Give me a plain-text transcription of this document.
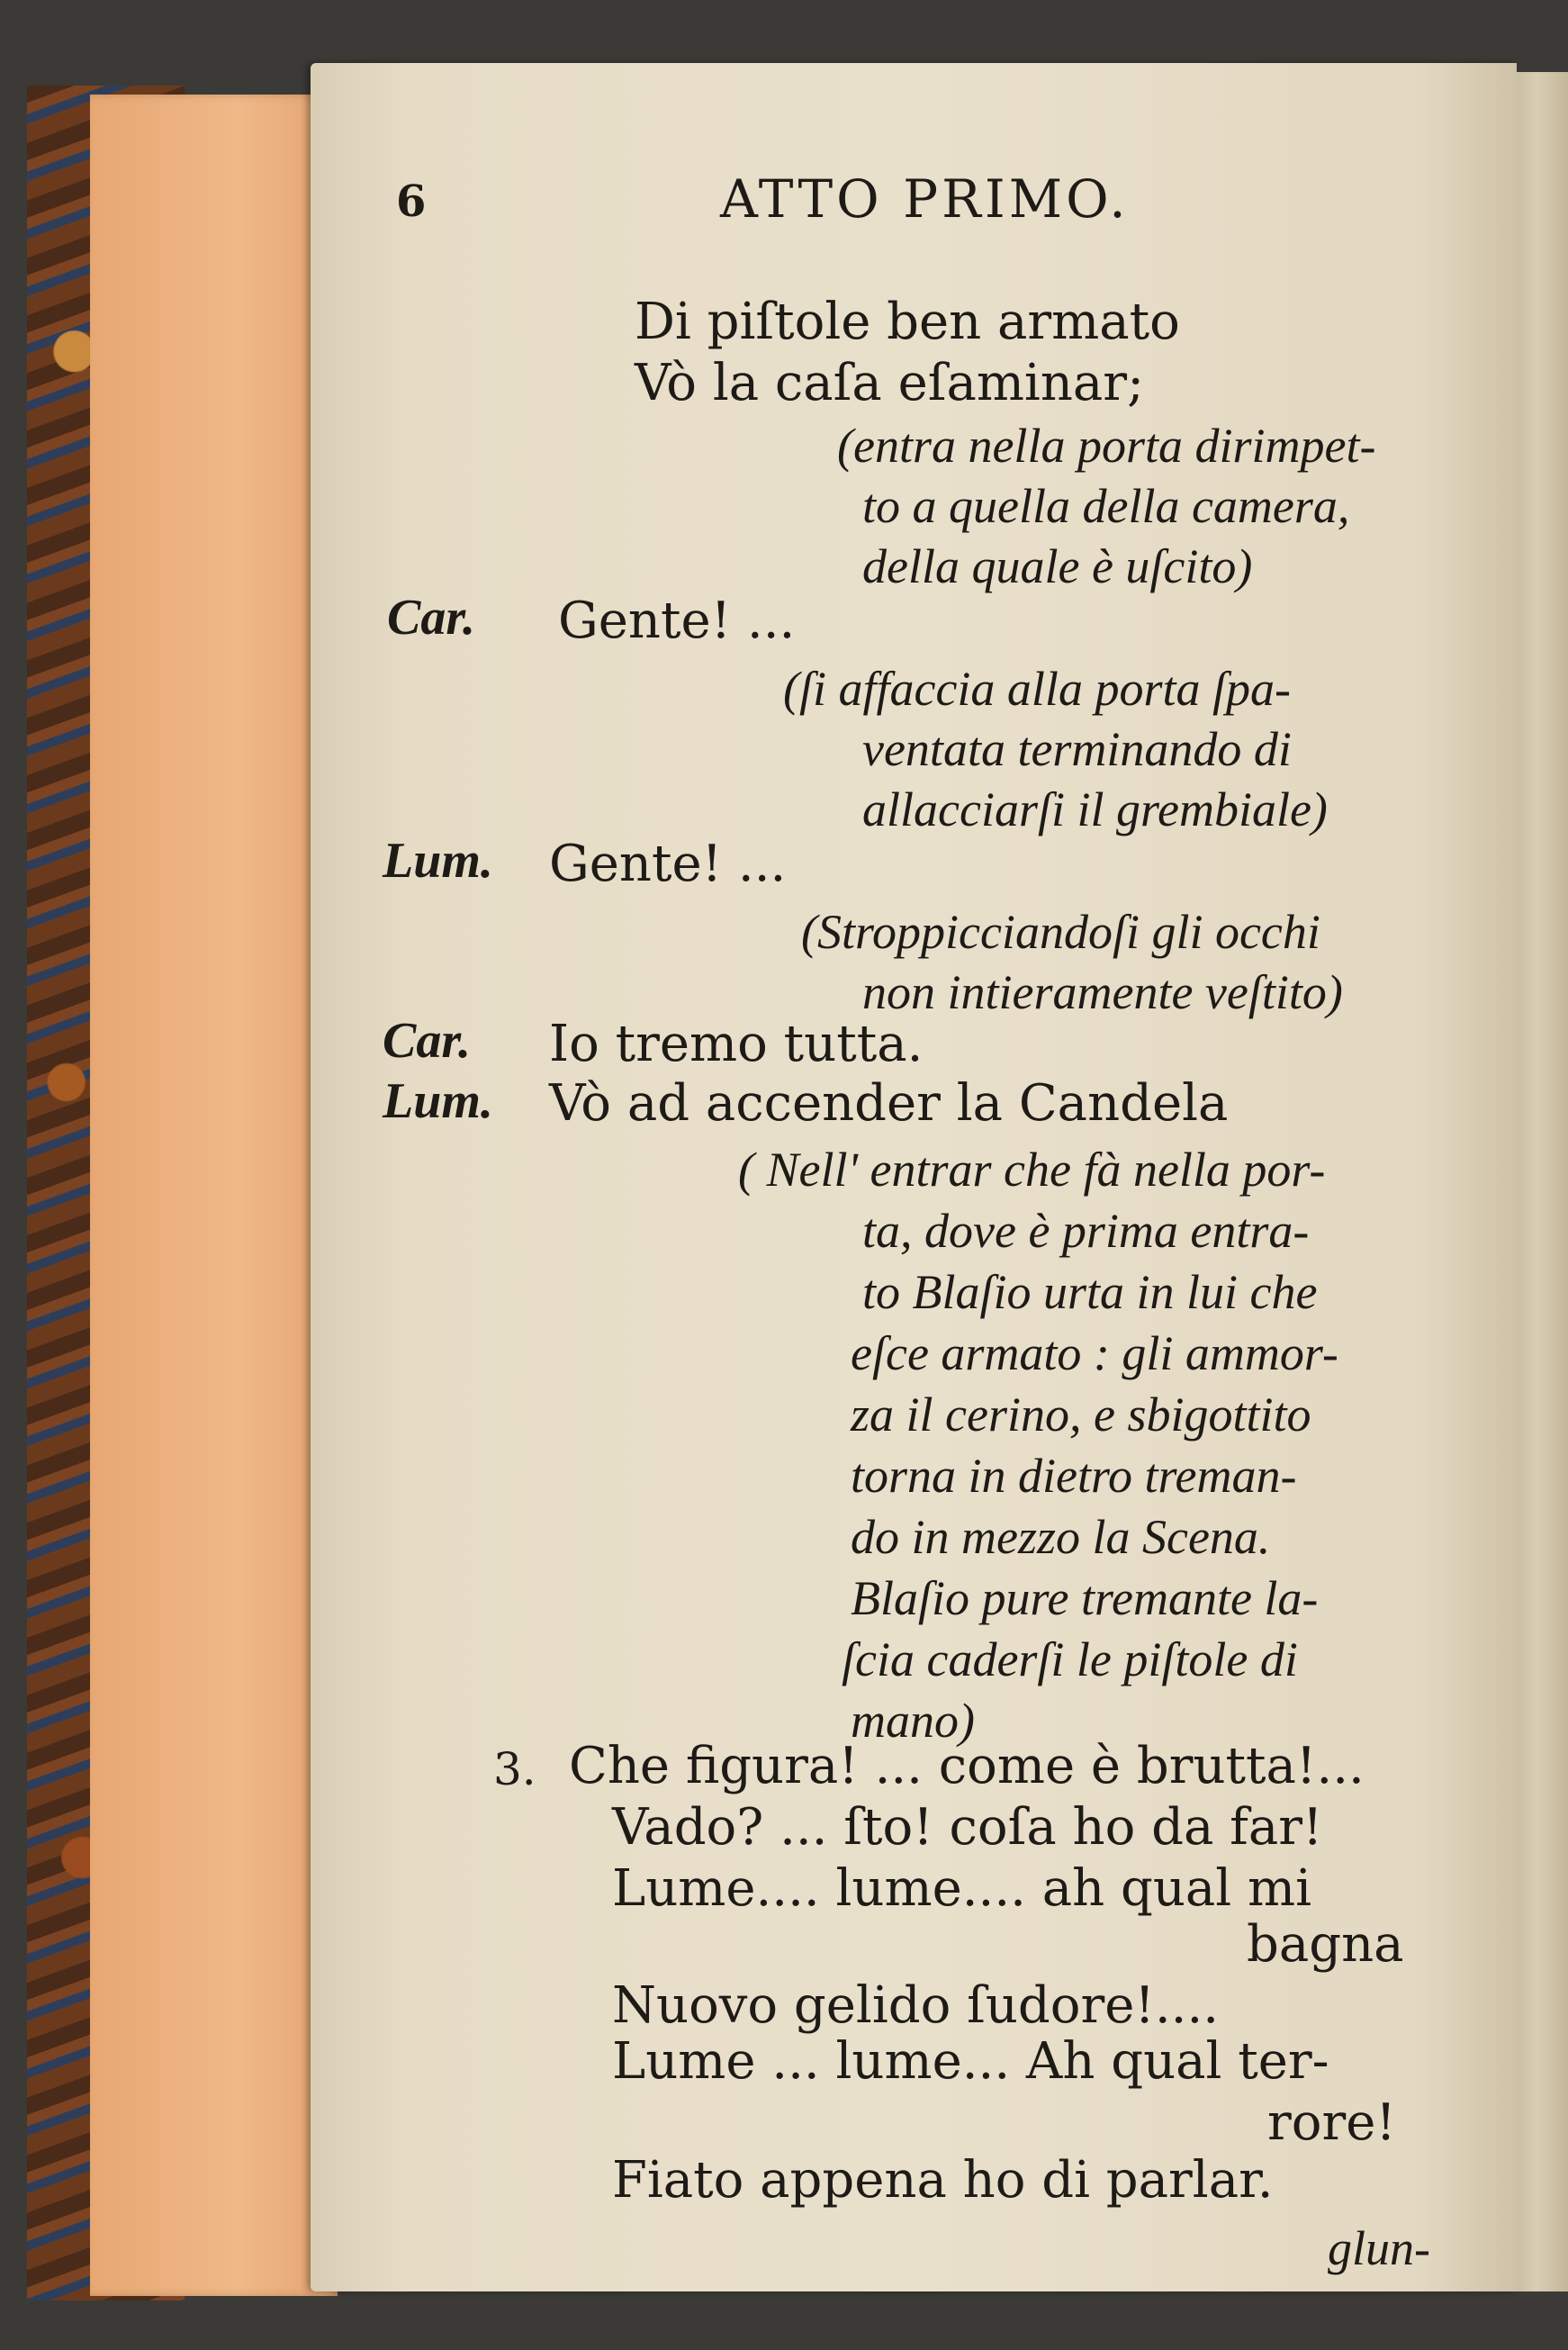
6	ATTO PRIMO.
Di piſtole ben armato
Vò la caſa eſaminar;
(entra nella porta dirimpet-
to a quella della camera,
della quale è uſcito)
Car. Gente! ...
(ſi affaccia alla porta ſpa-
ventata terminando di
allacciarſi il grembiale)
Lum. Gente! ...
(Stroppicciandoſi gli occhi
non intieramente veſtito)
Car. Io tremo tutta.
Lum. Vò ad accender la Candela
( Nell' entrar che fà nella por-
ta, dove è prima entra-
to Blaſio urta in lui che
eſce armato : gli ammor-
za il cerino, e sbigottito
torna in dietro treman-
do in mezzo la Scena.
Blaſio pure tremante la-
ſcia caderſi le piſtole di
mano)
3. Che figura! ... come è brutta!...
Vado? ... ſto! coſa ho da far!
Lume.... lume.... ah qual mi
bagna
Nuovo gelido ſudore!....
Lume ... lume... Ah qual ter-
rore!
Fiato appena ho di parlar.
glun-
